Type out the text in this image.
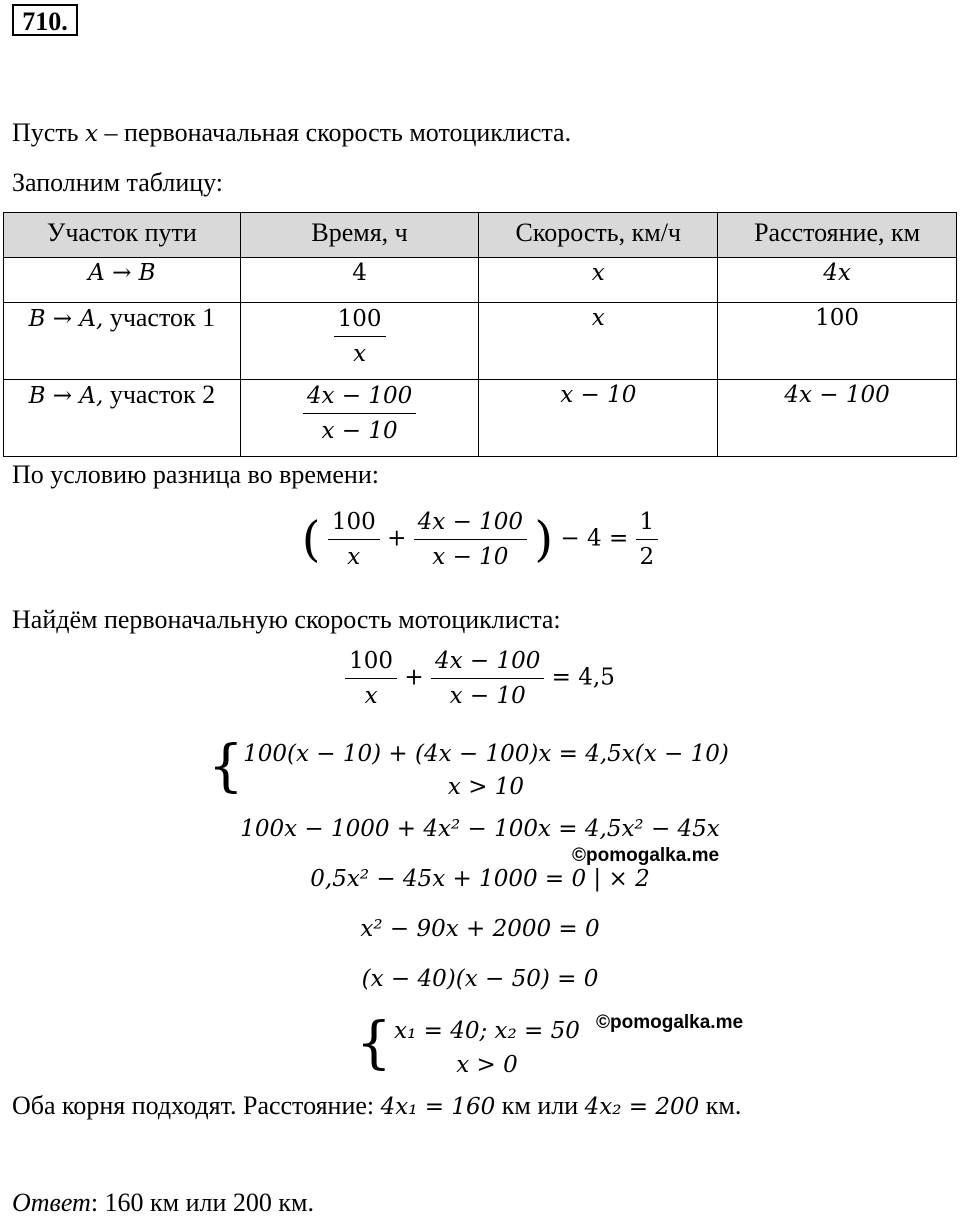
710.
Пусть x – первоначальная скорость мотоциклиста.
Заполним таблицу:
Участок пути	Время, ч	Скорость, км/ч	Расстояние, км
A → B	4	x	4x
B → A, участок 1	$\frac{100}{x}$	x	100
B → A, участок 2	$\frac{4x - 100}{x - 10}$	x − 10	4x − 100
По условию разница во времени:
( $\frac{100}{x} + \frac{4x - 100}{x - 10}$ ) − $4 = \frac{1}{2}$
Найдём первоначальную скорость мотоциклиста:
$\frac{100}{x} + \frac{4x - 100}{x - 10} = 4,5$
{ 100(x − 10) + (4x − 100)x = 4,5x(x − 10)
x > 10
100x − 1000 + 4x² − 100x = 4,5x² − 45x
©pomogalka.me
0,5x² − 45x + 1000 = 0 | × 2
x² − 90x + 2000 = 0
(x − 40)(x − 50) = 0
{ x₁ = 40; x₂ = 50
x > 0
©pomogalka.me
Оба корня подходят. Расстояние: 4x₁ = 160 км или 4x₂ = 200 км.
Ответ: 160 км или 200 км.
